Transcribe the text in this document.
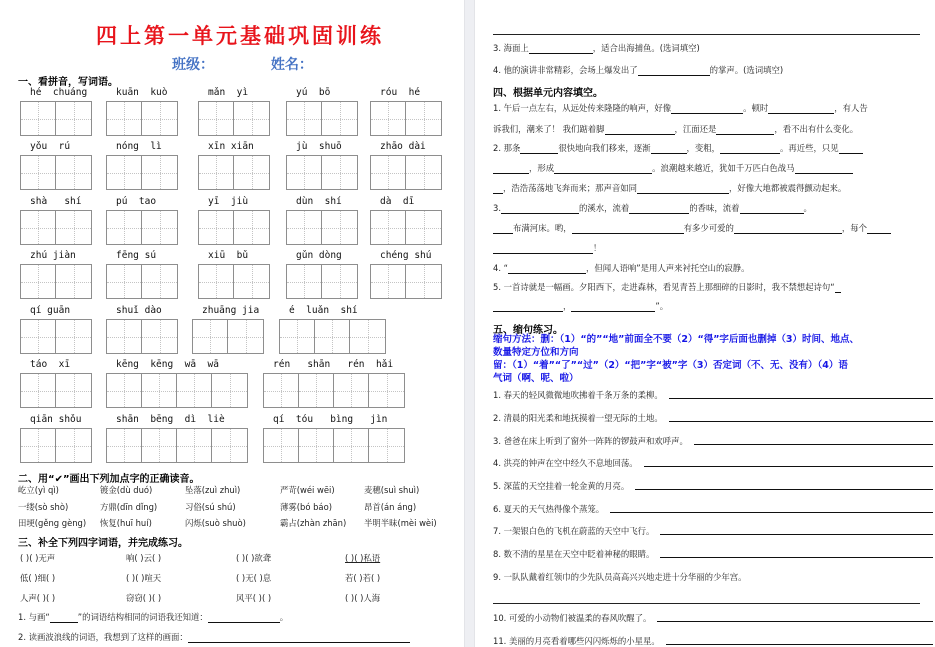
四上第一单元基础巩固训练
班级：	姓名：
一、看拼音，写词语。
hé  chuáng	kuān  kuò	mǎn  yì	yú  bō	róu  hé
yǒu  rú	nóng  lì	xīn xiān	jù  shuō	zhāo dài
shà   shí	pú  tao	yī  jiù	dùn  shí	dà  dī
zhú jiàn	fēng sú	xiū  bǔ	gǔn dòng	chéng shú
qí guān	shuǐ dào	zhuāng jia	é  luǎn  shí
táo  xī	kēng  kēng  wā  wā	rén   shān   rén  hǎi
qiān shǒu	shān  bēng  dì  liè	qí  tóu   bìng   jìn
二、用“✔”画出下列加点字的正确读音。
屹立(yì qì)	镀金(dù duó)	坠落(zuì zhuì)	严苛(wéi wēi)	麦穗(suì shuì)
一缕(sò shò)	方鼎(dīn dǐng)	习俗(sú shú)	薄雾(bó báo)	昂首(án áng)
田埂(gěng gèng) 恢复(huī huí)	闪烁(suò shuò)	霸占(zhàn zhān) 半明半昧(mèi wèi)
三、补全下列四字词语，并完成练习。
( )( )无声	响( )云( )	( )( )欲聋	( )( )私语
低( )细( )	( )( )喧天	( )无( )息	若( )若( )
人声( )( )	窃窃( )( )	风平( )( )	( )( )人海
1. 与画“	”的词语结构相同的词语我还知道：	。
2. 读画波浪线的词语，我想到了这样的画面：
3. 海面上	，适合出海捕鱼。(选词填空)
4. 他的演讲非常精彩，会场上爆发出了	的掌声。(选词填空)
四、根据单元内容填空。
1. 午后一点左右，从远处传来隆隆的响声，好像	。顿时	，有人告
诉我们，潮来了！ 我们踮着脚	，江面还是	，看不出有什么变化。
2. 那条	很快地向我们移来，逐渐	，变粗，	。再近些，只见
，形成	。浪潮越来越近，犹如千万匹白色战马
，浩浩荡荡地飞奔而来；那声音如同	，好像大地都被震得颤动起来。
3.	的溪水，流着	的香味，流着	。
布满河床。哟，	有多少可爱的	，每个
！
4. “	，但闻人语响”是用人声来衬托空山的寂静。
5. 一首诗就是一幅画。夕阳西下，走进森林，看见青苔上那细碎的日影时，我不禁想起诗句“
，	”。
五、缩句练习。
缩句方法：删：（1）“的”“地”前面全不要（2）“得”字后面也删掉（3）时间、地点、
数量特定方位和方向
留：（1）“着”“了”“过”（2）“把”字“被”字（3）否定词（不、无、没有）（4）语
气词（啊、呢、啦）
1. 春天的轻风微微地吹拂着千条万条的柔柳。
2. 清晨的阳光柔和地抚摸着一望无际的土地。
3. 爸爸在床上听到了窗外一阵阵的锣鼓声和欢呼声。
4. 洪亮的钟声在空中经久不息地回荡。
5. 深蓝的天空挂着一轮金黄的月亮。
6. 夏天的天气热得像个蒸笼。
7. 一架银白色的飞机在蔚蓝的天空中飞行。
8. 数不清的星星在天空中眨着神秘的眼睛。
9. 一队队戴着红领巾的少先队员高高兴兴地走进十分华丽的少年宫。
10. 可爱的小动物们被温柔的春风吹醒了。
11. 美丽的月亮看着哪些闪闪烁烁的小星星。
